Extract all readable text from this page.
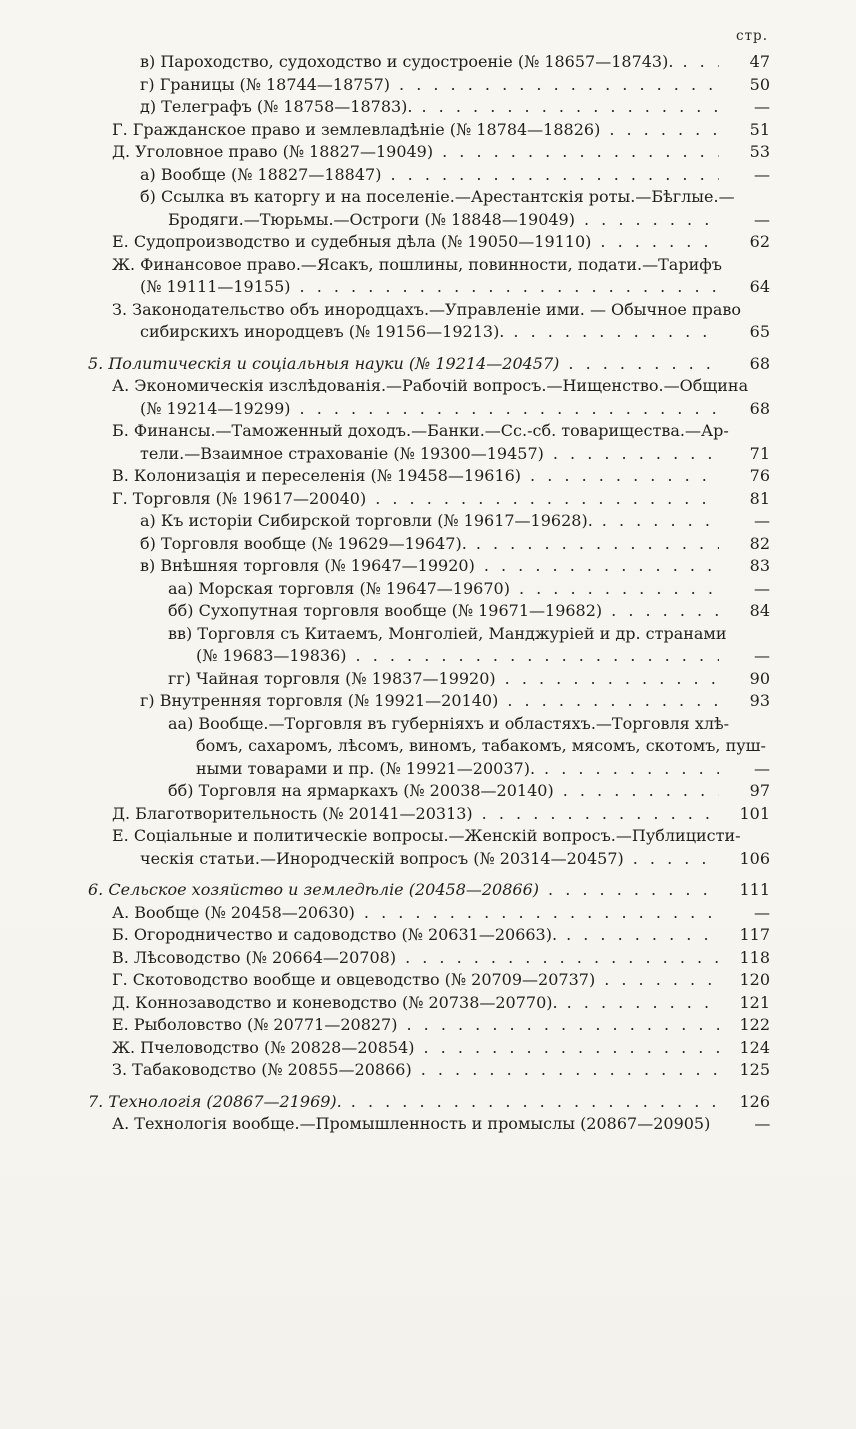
стр.
в) Пароходство, судоходство и судостроеніе (№ 18657—18743). . . .	47
г) Границы (№ 18744—18757) . . .	50
д) Телеграфъ (№ 18758—18783). . . .	—
Г. Гражданское право и землевладѣніе (№ 18784—18826) . . .	51
Д. Уголовное право (№ 18827—19049) . . .	53
а) Вообще (№ 18827—18847) . . .	—
б) Ссылка въ каторгу и на поселеніе.—Арестантскія роты.—Бѣглые.—
Бродяги.—Тюрьмы.—Остроги (№ 18848—19049) . . .	—
Е. Судопроизводство и судебныя дѣла (№ 19050—19110) . . .	62
Ж. Финансовое право.—Ясакъ, пошлины, повинности, подати.—Тарифъ
(№ 19111—19155) . . .	64
З. Законодательство объ инородцахъ.—Управленіе ими. — Обычное право
сибирскихъ инородцевъ (№ 19156—19213). . . .	65
5. Политическія и соціальныя науки (№ 19214—20457) . . .	68
А. Экономическія изслѣдованія.—Рабочій вопросъ.—Нищенство.—Община
(№ 19214—19299) . . .	68
Б. Финансы.—Таможенный доходъ.—Банки.—Сс.-сб. товарищества.—Ар-
тели.—Взаимное страхованіе (№ 19300—19457) . . .	71
В. Колонизація и переселенія (№ 19458—19616) . . .	76
Г. Торговля (№ 19617—20040) . . .	81
а) Къ исторіи Сибирской торговли (№ 19617—19628). . . .	—
б) Торговля вообще (№ 19629—19647). . . .	82
в) Внѣшняя торговля (№ 19647—19920) . . .	83
аа) Морская торговля (№ 19647—19670) . . .	—
бб) Сухопутная торговля вообще (№ 19671—19682) . . .	84
вв) Торговля съ Китаемъ, Монголіей, Манджуріей и др. странами
(№ 19683—19836) . . .	—
гг) Чайная торговля (№ 19837—19920) . . .	90
г) Внутренняя торговля (№ 19921—20140) . . .	93
аа) Вообще.—Торговля въ губерніяхъ и областяхъ.—Торговля хлѣ-
бомъ, сахаромъ, лѣсомъ, виномъ, табакомъ, мясомъ, скотомъ, пуш-
ными товарами и пр. (№ 19921—20037). . . .	—
бб) Торговля на ярмаркахъ (№ 20038—20140) . . .	97
Д. Благотворительность (№ 20141—20313) . . .	101
Е. Соціальные и политическіе вопросы.—Женскій вопросъ.—Публицисти-
ческія статьи.—Инородческій вопросъ (№ 20314—20457) . . .	106
6. Сельское хозяйство и земледѣліе (20458—20866) . . .	111
А. Вообще (№ 20458—20630) . . .	—
Б. Огородничество и садоводство (№ 20631—20663). . . .	117
В. Лѣсоводство (№ 20664—20708) . . .	118
Г. Скотоводство вообще и овцеводство (№ 20709—20737) . . .	120
Д. Коннозаводство и коневодство (№ 20738—20770). . . .	121
Е. Рыболовство (№ 20771—20827) . . .	122
Ж. Пчеловодство (№ 20828—20854) . . .	124
З. Табаководство (№ 20855—20866) . . .	125
7. Технологія (20867—21969). . . .	126
А. Технологія вообще.—Промышленность и промыслы (20867—20905)	—
